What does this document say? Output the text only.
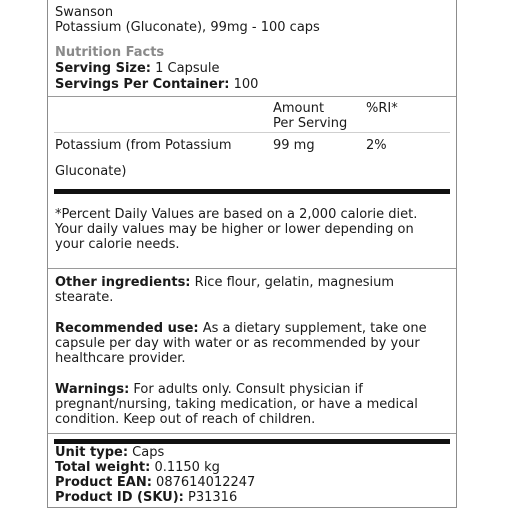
Swanson
Potassium (Gluconate), 99mg - 100 caps
Nutrition Facts
Serving Size: 1 Capsule
Servings Per Container: 100
Amount
Per Serving
%RI*
Potassium (from Potassium
Gluconate)
99 mg	2%
*Percent Daily Values are based on a 2,000 calorie diet.
Your daily values may be higher or lower depending on
your calorie needs.
Other ingredients: Rice flour, gelatin, magnesium
stearate.
Recommended use: As a dietary supplement, take one
capsule per day with water or as recommended by your
healthcare provider.
Warnings: For adults only. Consult physician if
pregnant/nursing, taking medication, or have a medical
condition. Keep out of reach of children.
Unit type: Caps
Total weight: 0.1150 kg
Product EAN: 087614012247
Product ID (SKU): P31316
